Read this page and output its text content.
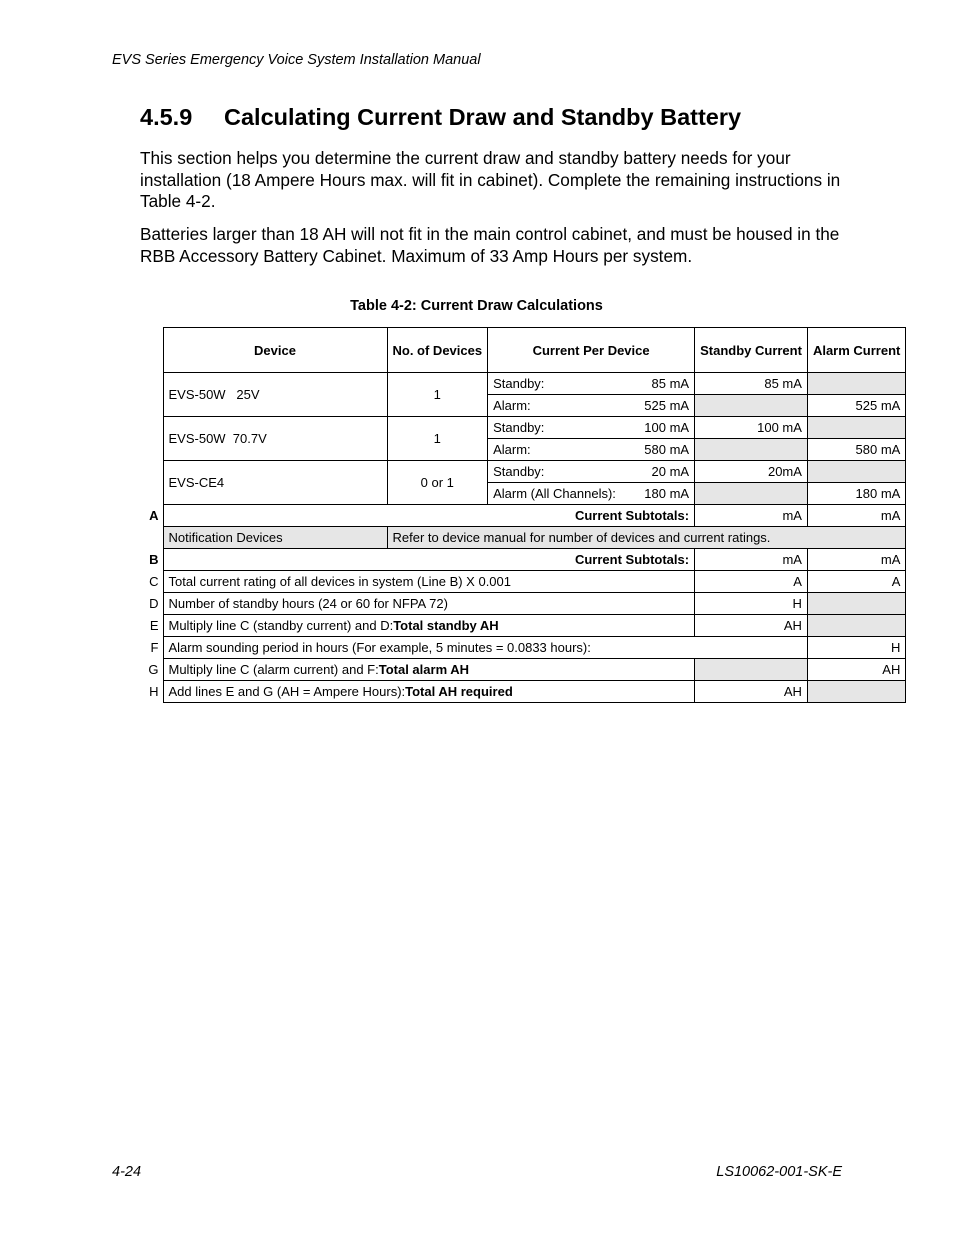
EVS Series Emergency Voice System Installation Manual
4.5.9 Calculating Current Draw and Standby Battery

This section helps you determine the current draw and standby battery needs for your installation (18 Ampere Hours max. will fit in cabinet). Complete the remaining instructions in Table 4-2.

Batteries larger than 18 AH will not fit in the main control cabinet, and must be housed in the RBB Accessory Battery Cabinet. Maximum of 33 Amp Hours per system.

Table 4-2: Current Draw Calculations
	Device	No. of Devices	Current Per Device	Standby Current	Alarm Current
	EVS-50W   25V	1	Standby: 85 mA	85 mA	

			Alarm: 525 mA		525 mA
	EVS-50W  70.7V	1	Standby: 100 mA	100 mA	

			Alarm: 580 mA		580 mA
	EVS-CE4	0 or 1	Standby: 20 mA	20mA	

			Alarm (All Channels): 180 mA		180 mA
A	Current Subtotals:			mA	mA
	Notification Devices	Refer to device manual for number of devices and current ratings.			
B	Current Subtotals:			mA	mA
C	Total current rating of all devices in system (Line B) X 0.001			A	A
D	Number of standby hours (24 or 60 for NFPA 72)			H	
E	Multiply line C (standby current) and D:Total standby AH			AH	
F	Alarm sounding period in hours (For example, 5 minutes = 0.0833 hours):				H
G	Multiply line C (alarm current) and F:Total alarm AH				AH
H	Add lines E and G (AH = Ampere Hours):Total AH required			AH	
4-24	LS10062-001-SK-E
